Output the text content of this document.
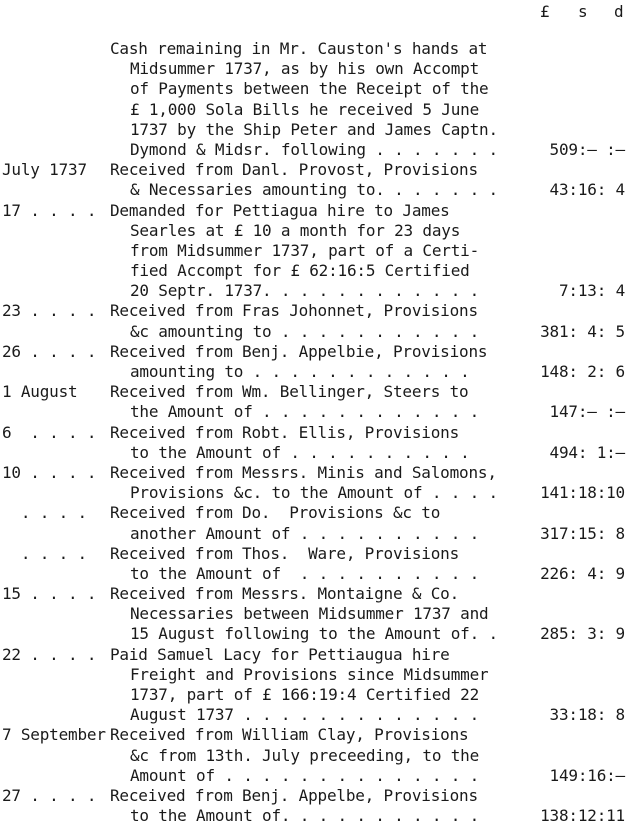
£ s d
Cash remaining in Mr. Causton's hands at
Midsummer 1737, as by his own Accompt
of Payments between the Receipt of the
£ 1,000 Sola Bills he received 5 June
1737 by the Ship Peter and James Captn.
Dymond & Midsr. following . . . . . . .	509:– :–
July 1737 Received from Danl. Provost, Provisions
& Necessaries amounting to. . . . . . .	43:16: 4
17 . . . . Demanded for Pettiagua hire to James
Searles at £ 10 a month for 23 days
from Midsummer 1737, part of a Certi-
fied Accompt for £ 62:16:5 Certified
20 Septr. 1737. . . . . . . . . . . .	7:13: 4
23 . . . . Received from Fras Johonnet, Provisions
&c amounting to . . . . . . . . . . .	381: 4: 5
26 . . . . Received from Benj. Appelbie, Provisions
amounting to . . . . . . . . . . . .	148: 2: 6
1 August Received from Wm. Bellinger, Steers to
the Amount of . . . . . . . . . . . .	147:– :–
6  . . . . Received from Robt. Ellis, Provisions
to the Amount of . . . . . . . . . .	494: 1:–
10 . . . . Received from Messrs. Minis and Salomons,
Provisions &c. to the Amount of . . . .	141:18:10
. . . . Received from Do.  Provisions &c to
another Amount of . . . . . . . . . .	317:15: 8
. . . . Received from Thos.  Ware, Provisions
to the Amount of  . . . . . . . . . .	226: 4: 9
15 . . . . Received from Messrs. Montaigne & Co.
Necessaries between Midsummer 1737 and
15 August following to the Amount of. .	285: 3: 9
22 . . . . Paid Samuel Lacy for Pettiaugua hire
Freight and Provisions since Midsummer
1737, part of £ 166:19:4 Certified 22
August 1737 . . . . . . . . . . . . .	33:18: 8
7 September Received from William Clay, Provisions
&c from 13th. July preceeding, to the
Amount of . . . . . . . . . . . . . .	149:16:–
27 . . . . Received from Benj. Appelbe, Provisions
to the Amount of. . . . . . . . . . .	138:12:11
